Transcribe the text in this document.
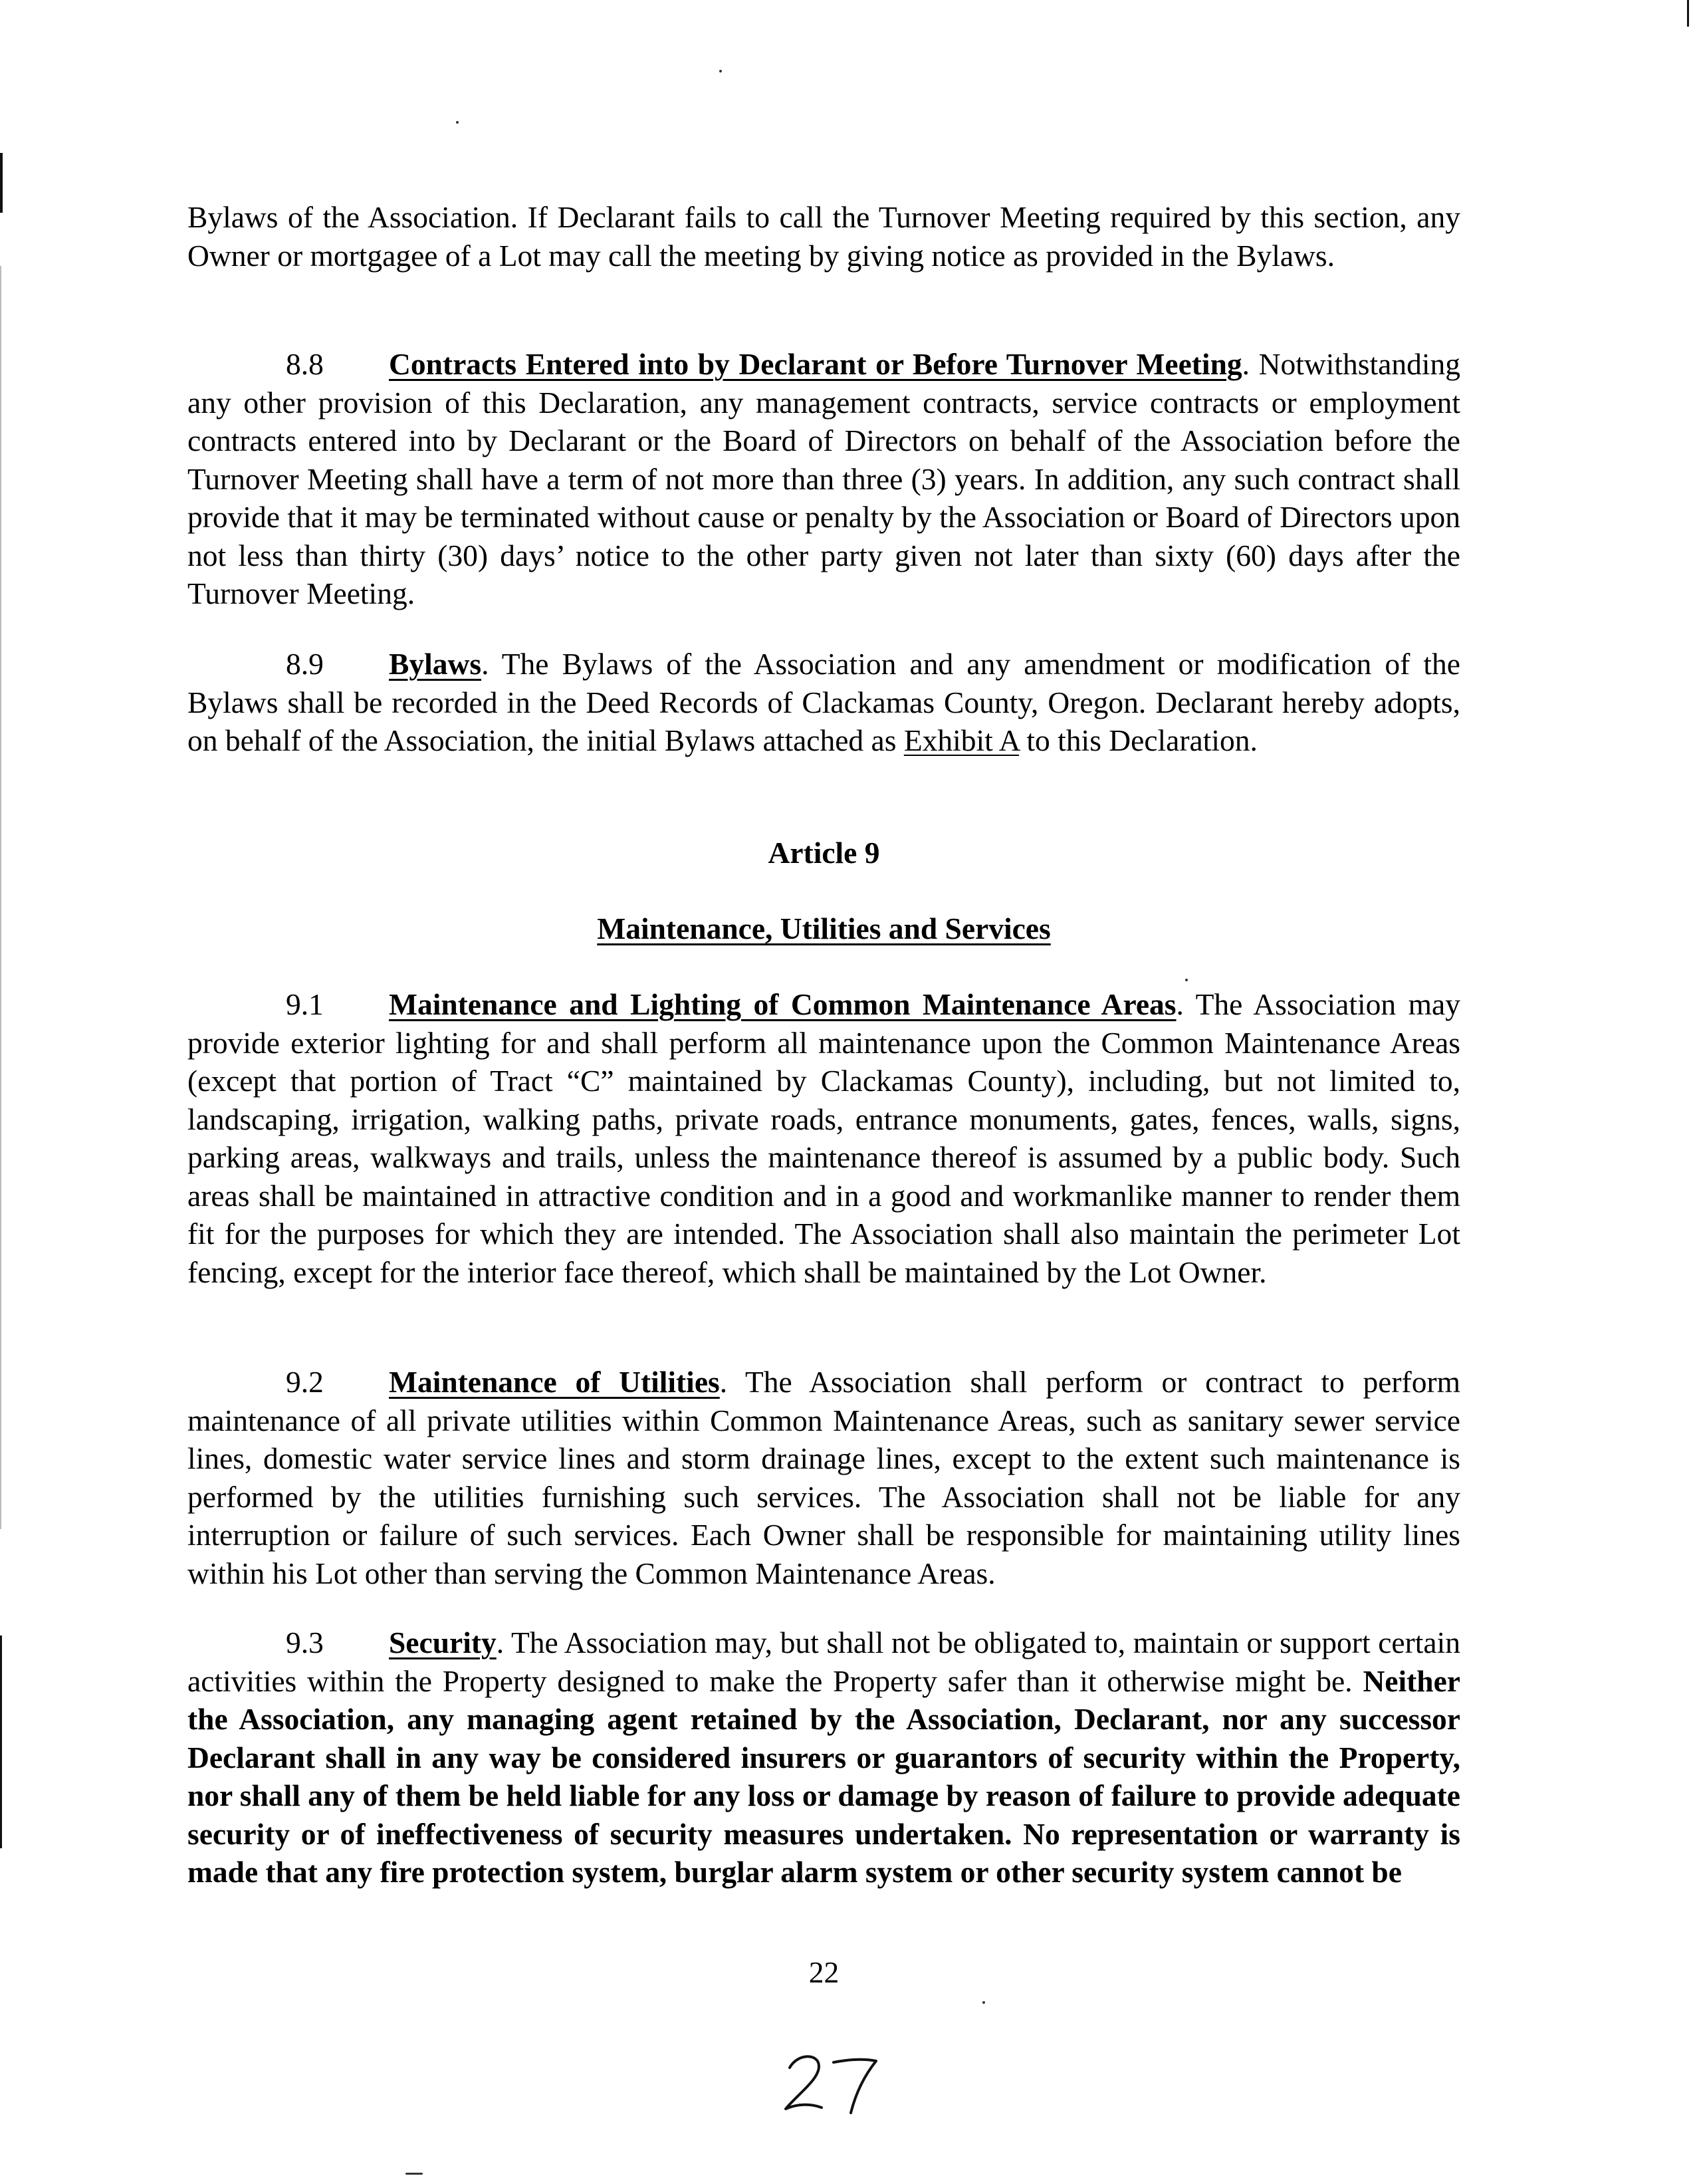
Bylaws of the Association. If Declarant fails to call the Turnover Meeting required by this section, any Owner or mortgagee of a Lot may call the meeting by giving notice as provided in the Bylaws.

8.8 Contracts Entered into by Declarant or Before Turnover Meeting. Notwithstanding any other provision of this Declaration, any management contracts, service contracts or employment contracts entered into by Declarant or the Board of Directors on behalf of the Association before the Turnover Meeting shall have a term of not more than three (3) years. In addition, any such contract shall provide that it may be terminated without cause or penalty by the Association or Board of Directors upon not less than thirty (30) days’ notice to the other party given not later than sixty (60) days after the Turnover Meeting.

8.9 Bylaws. The Bylaws of the Association and any amendment or modification of the Bylaws shall be recorded in the Deed Records of Clackamas County, Oregon. Declarant hereby adopts, on behalf of the Association, the initial Bylaws attached as Exhibit A to this Declaration.

Article 9
Maintenance, Utilities and Services

9.1 Maintenance and Lighting of Common Maintenance Areas. The Association may provide exterior lighting for and shall perform all maintenance upon the Common Maintenance Areas (except that portion of Tract “C” maintained by Clackamas County), including, but not limited to, landscaping, irrigation, walking paths, private roads, entrance monuments, gates, fences, walls, signs, parking areas, walkways and trails, unless the maintenance thereof is assumed by a public body. Such areas shall be maintained in attractive condition and in a good and workmanlike manner to render them fit for the purposes for which they are intended. The Association shall also maintain the perimeter Lot fencing, except for the interior face thereof, which shall be maintained by the Lot Owner.

9.2 Maintenance of Utilities. The Association shall perform or contract to perform maintenance of all private utilities within Common Maintenance Areas, such as sanitary sewer service lines, domestic water service lines and storm drainage lines, except to the extent such maintenance is performed by the utilities furnishing such services. The Association shall not be liable for any interruption or failure of such services. Each Owner shall be responsible for maintaining utility lines within his Lot other than serving the Common Maintenance Areas.

9.3 Security. The Association may, but shall not be obligated to, maintain or support certain activities within the Property designed to make the Property safer than it otherwise might be. Neither the Association, any managing agent retained by the Association, Declarant, nor any successor Declarant shall in any way be considered insurers or guarantors of security within the Property, nor shall any of them be held liable for any loss or damage by reason of failure to provide adequate security or of ineffectiveness of security measures undertaken. No representation or warranty is made that any fire protection system, burglar alarm system or other security system cannot be

22
